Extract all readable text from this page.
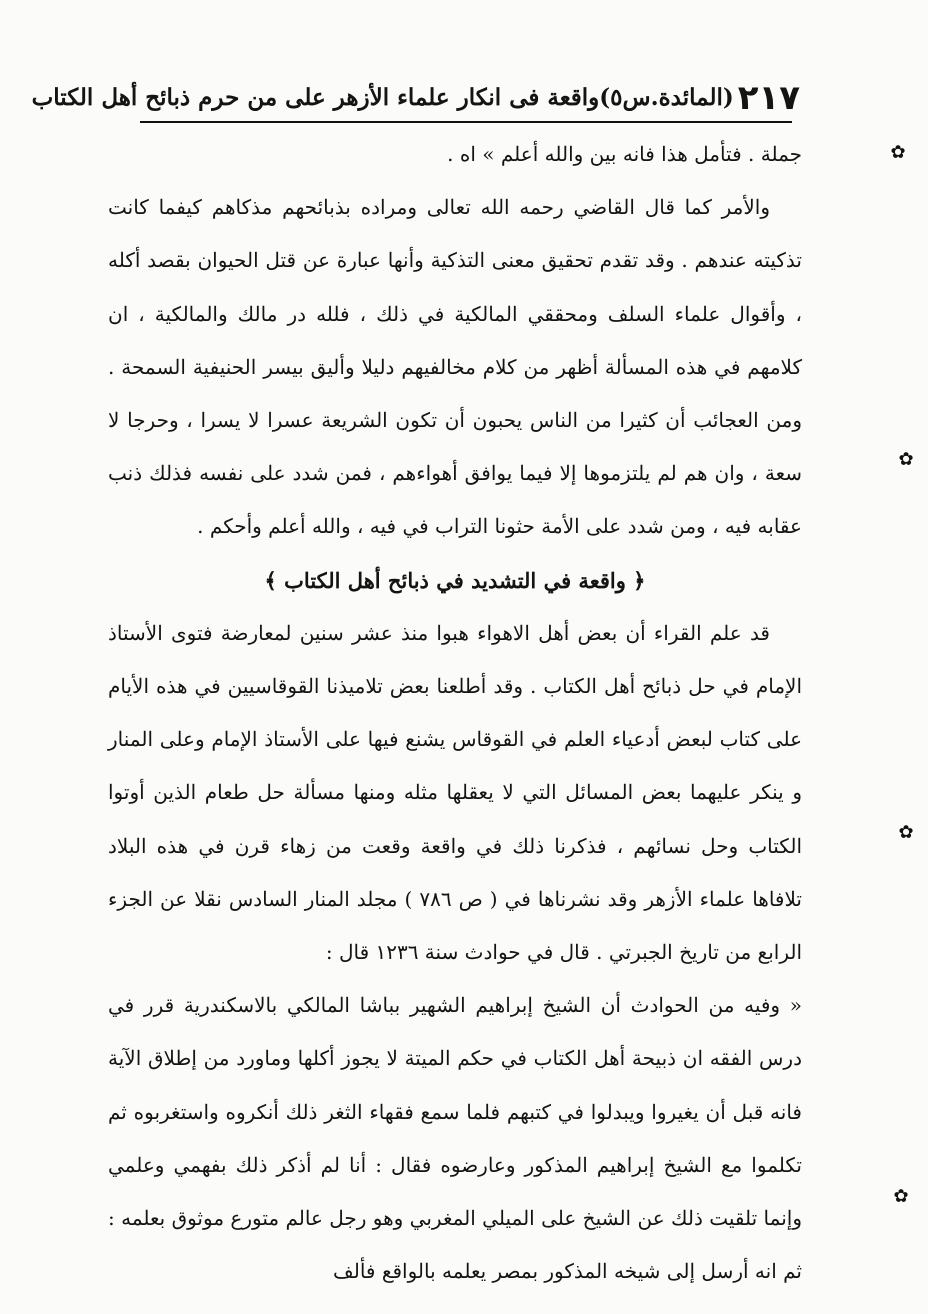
٢١٧
(المائدة.س٥)واقعة فى انكار علماء الأزهر على من حرم ذبائح أهل الكتاب

جملة . فتأمل هذا فانه بين والله أعلم » اه .

والأمر كما قال القاضي رحمه الله تعالى ومراده بذبائحهم مذكاهم كيفما كانت تذكيته عندهم . وقد تقدم تحقيق معنى التذكية وأنها عبارة عن قتل الحيوان بقصد أكله ، وأقوال علماء السلف ومحققي المالكية في ذلك ، فلله در مالك والمالكية ، ان كلامهم في هذه المسألة أظهر من كلام مخالفيهم دليلا وأليق بيسر الحنيفية السمحة . ومن العجائب أن كثيرا من الناس يحبون أن تكون الشريعة عسرا لا يسرا ، وحرجا لا سعة ، وان هم لم يلتزموها إلا فيما يوافق أهواءهم ، فمن شدد على نفسه فذلك ذنب عقابه فيه ، ومن شدد على الأمة حثونا التراب في فيه ، والله أعلم وأحكم .

﴿ واقعة في التشديد في ذبائح أهل الكتاب ﴾

قد علم القراء أن بعض أهل الاهواء هبوا منذ عشر سنين لمعارضة فتوى الأستاذ الإمام في حل ذبائح أهل الكتاب . وقد أطلعنا بعض تلاميذنا القوقاسيين في هذه الأيام على كتاب لبعض أدعياء العلم في القوقاس يشنع فيها على الأستاذ الإمام وعلى المنار و ينكر عليهما بعض المسائل التي لا يعقلها مثله ومنها مسألة حل طعام الذين أوتوا الكتاب وحل نسائهم ، فذكرنا ذلك في واقعة وقعت من زهاء قرن في هذه البلاد تلافاها علماء الأزهر وقد نشرناها في ( ص ٧٨٦ ) مجلد المنار السادس نقلا عن الجزء الرابع من تاريخ الجبرتي . قال في حوادث سنة ١٢٣٦ قال :

« وفيه من الحوادث أن الشيخ إبراهيم الشهير بباشا المالكي بالاسكندرية قرر في درس الفقه ان ذبيحة أهل الكتاب في حكم الميتة لا يجوز أكلها وماورد من إطلاق الآية فانه قبل أن يغيروا ويبدلوا في كتبهم فلما سمع فقهاء الثغر ذلك أنكروه واستغربوه ثم تكلموا مع الشيخ إبراهيم المذكور وعارضوه فقال : أنا لم أذكر ذلك بفهمي وعلمي وإنما تلقيت ذلك عن الشيخ على الميلي المغربي وهو رجل عالم متورع موثوق بعلمه : ثم انه أرسل إلى شيخه المذكور بمصر يعلمه بالواقع فألف

✿
✿
✿
✿
